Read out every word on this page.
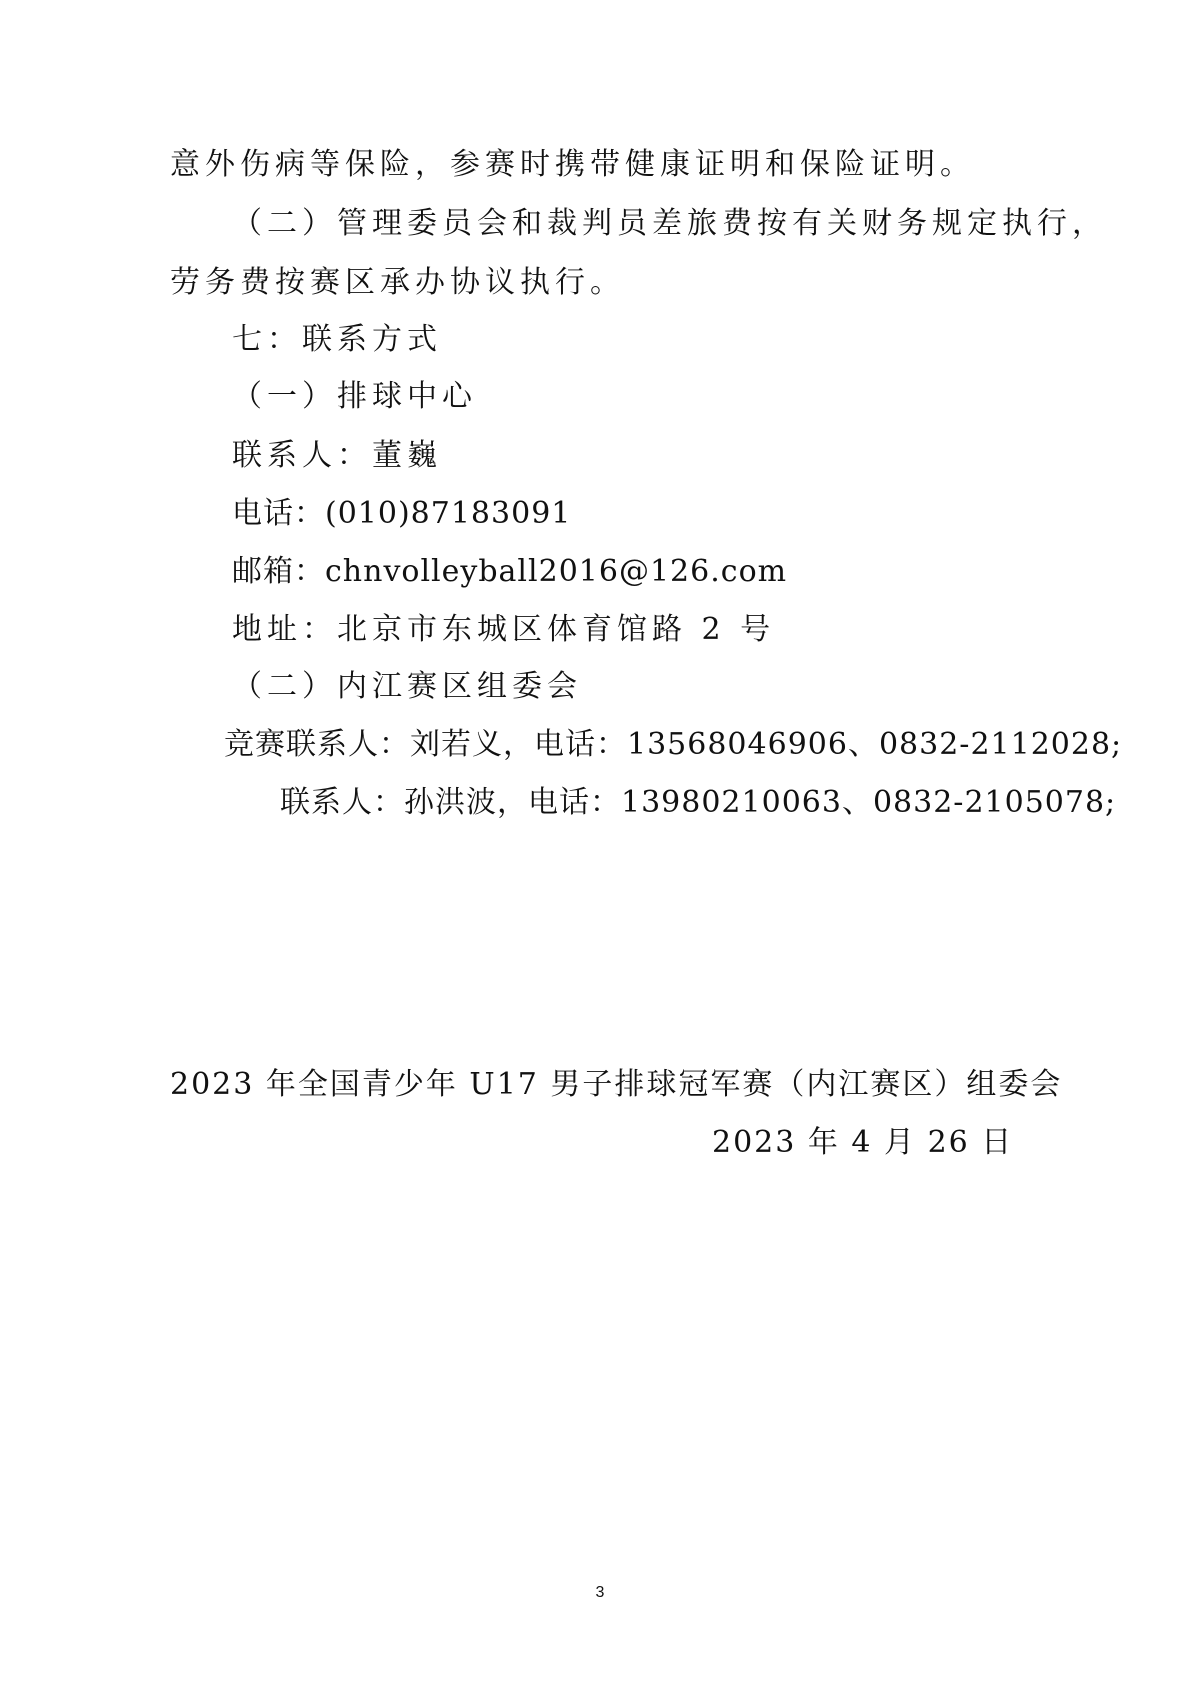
意外伤病等保险，参赛时携带健康证明和保险证明。
（二）管理委员会和裁判员差旅费按有关财务规定执行，
劳务费按赛区承办协议执行。
七：联系方式
（一）排球中心
联系人：董巍
电话：(010)87183091
邮箱：chnvolleyball2016@126.com
地址：北京市东城区体育馆路 2 号
（二）内江赛区组委会
竞赛联系人：刘若义，电话：13568046906、0832-2112028;
联系人：孙洪波，电话：13980210063、0832-2105078;
2023 年全国青少年 U17 男子排球冠军赛（内江赛区）组委会
2023 年 4 月 26 日
3
